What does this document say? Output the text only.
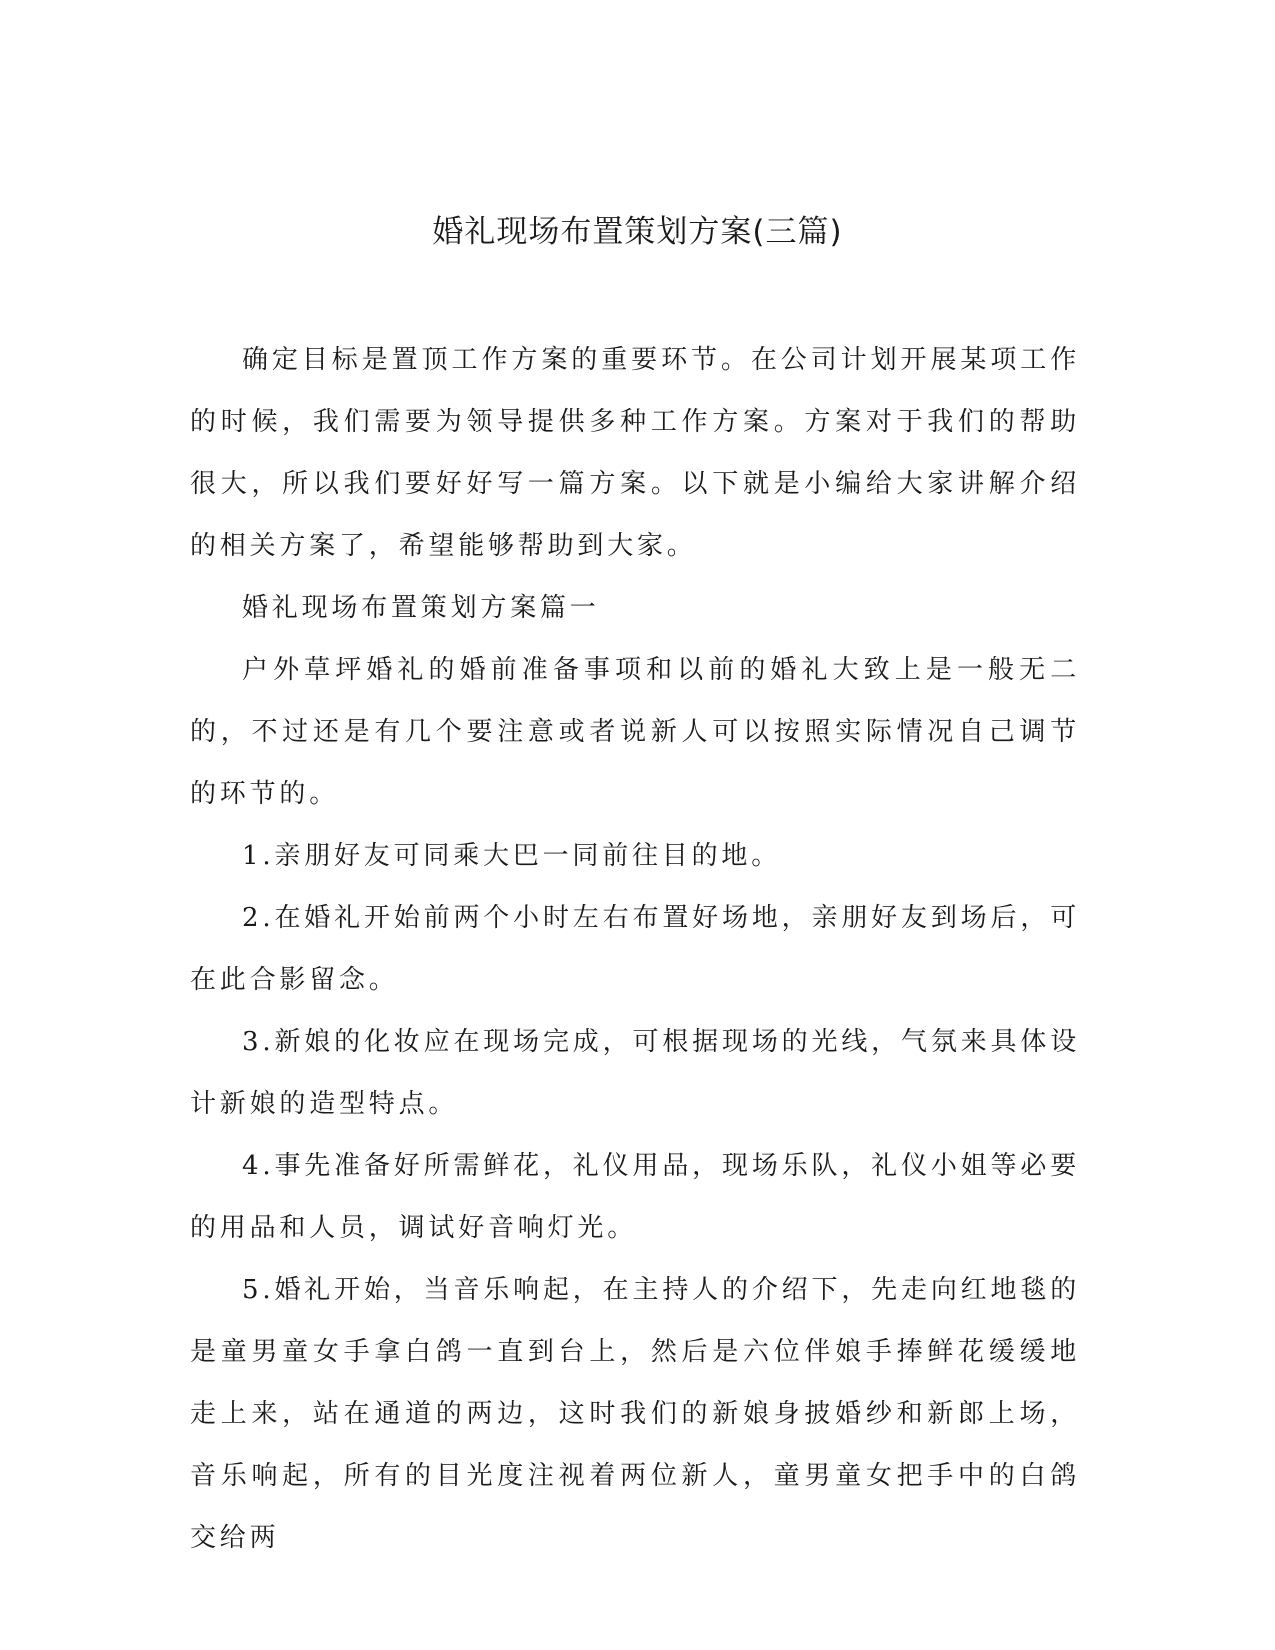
婚礼现场布置策划方案(三篇)

确定目标是置顶工作方案的重要环节。在公司计划开展某项工作的时候，我们需要为领导提供多种工作方案。方案对于我们的帮助很大，所以我们要好好写一篇方案。以下就是小编给大家讲解介绍的相关方案了，希望能够帮助到大家。

婚礼现场布置策划方案篇一

户外草坪婚礼的婚前准备事项和以前的婚礼大致上是一般无二的，不过还是有几个要注意或者说新人可以按照实际情况自己调节的环节的。

1.亲朋好友可同乘大巴一同前往目的地。

2.在婚礼开始前两个小时左右布置好场地，亲朋好友到场后，可在此合影留念。

3.新娘的化妆应在现场完成，可根据现场的光线，气氛来具体设计新娘的造型特点。

4.事先准备好所需鲜花，礼仪用品，现场乐队，礼仪小姐等必要的用品和人员，调试好音响灯光。

5.婚礼开始，当音乐响起，在主持人的介绍下，先走向红地毯的是童男童女手拿白鸽一直到台上，然后是六位伴娘手捧鲜花缓缓地走上来，站在通道的两边，这时我们的新娘身披婚纱和新郎上场，音乐响起，所有的目光度注视着两位新人，童男童女把手中的白鸽交给两
